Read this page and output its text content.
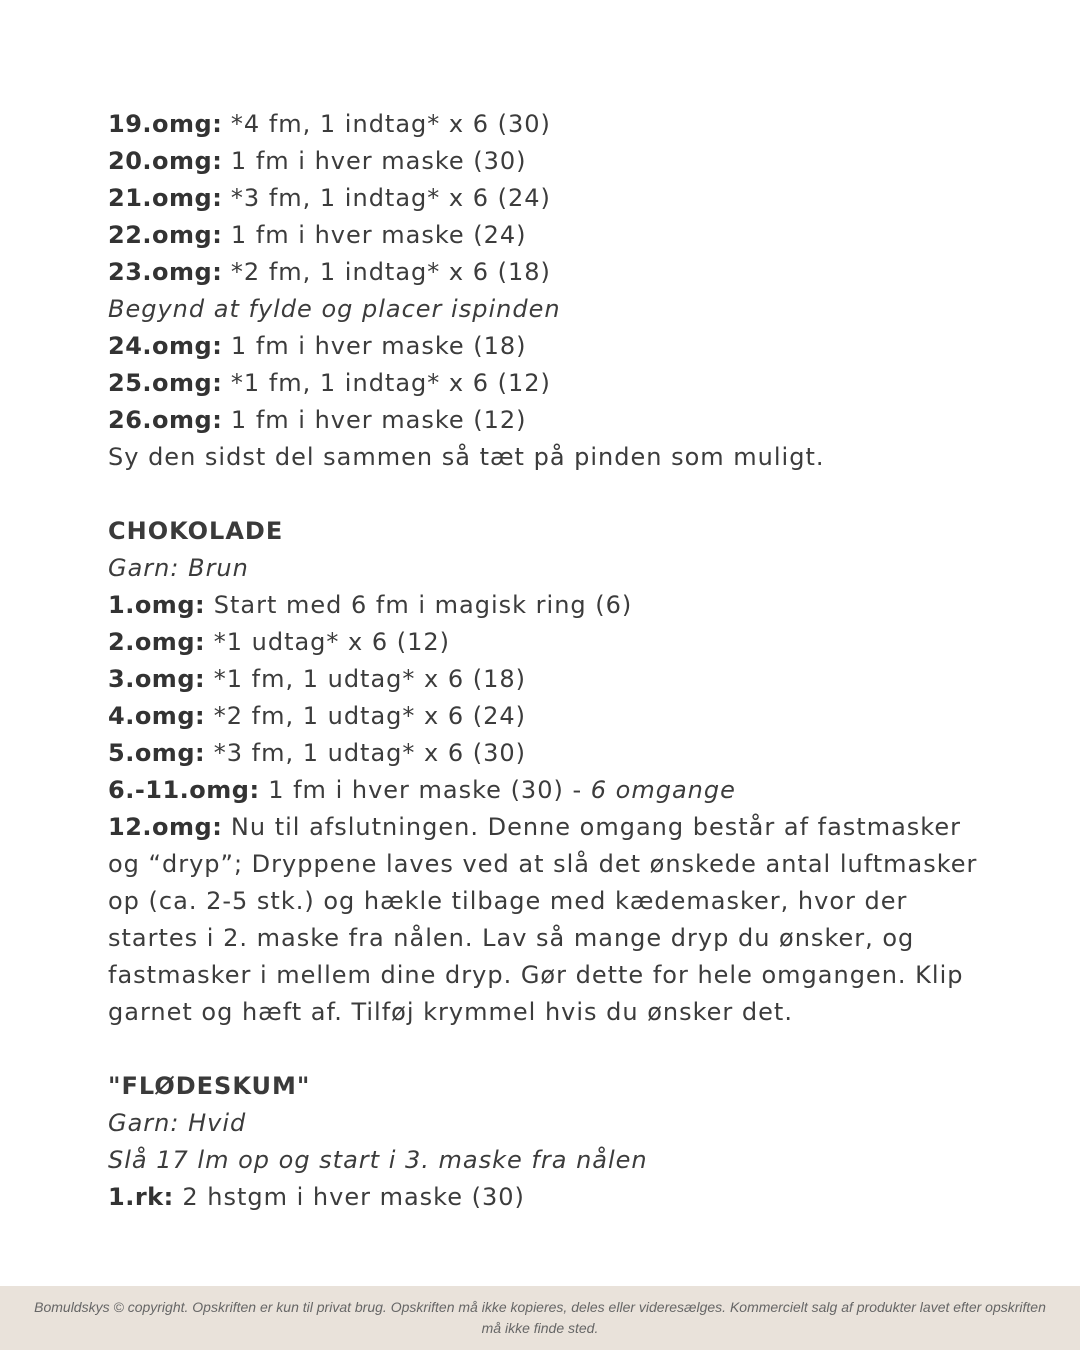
19.omg: *4 fm, 1 indtag* x 6 (30)

20.omg: 1 fm i hver maske (30)

21.omg: *3 fm, 1 indtag* x 6 (24)

22.omg: 1 fm i hver maske (24)

23.omg: *2 fm, 1 indtag* x 6 (18)

Begynd at fylde og placer ispinden

24.omg: 1 fm i hver maske (18)

25.omg: *1 fm, 1 indtag* x 6 (12)

26.omg: 1 fm i hver maske (12)

Sy den sidst del sammen så tæt på pinden som muligt.

CHOKOLADE

Garn: Brun

1.omg: Start med 6 fm i magisk ring (6)

2.omg: *1 udtag* x 6 (12)

3.omg: *1 fm, 1 udtag* x 6 (18)

4.omg: *2 fm, 1 udtag* x 6 (24)

5.omg: *3 fm, 1 udtag* x 6 (30)

6.-11.omg: 1 fm i hver maske (30) - 6 omgange

12.omg: Nu til afslutningen. Denne omgang består af fastmasker og “dryp”; Dryppene laves ved at slå det ønskede antal luftmasker op (ca. 2-5 stk.) og hækle tilbage med kædemasker, hvor der startes i 2. maske fra nålen. Lav så mange dryp du ønsker, og fastmasker i mellem dine dryp. Gør dette for hele omgangen. Klip garnet og hæft af. Tilføj krymmel hvis du ønsker det.

"FLØDESKUM"

Garn: Hvid

Slå 17 lm op og start i 3. maske fra nålen

1.rk: 2 hstgm i hver maske (30)

Bomuldskys © copyright. Opskriften er kun til privat brug. Opskriften må ikke kopieres, deles eller videresælges. Kommercielt salg af produkter lavet efter opskriften må ikke finde sted.
